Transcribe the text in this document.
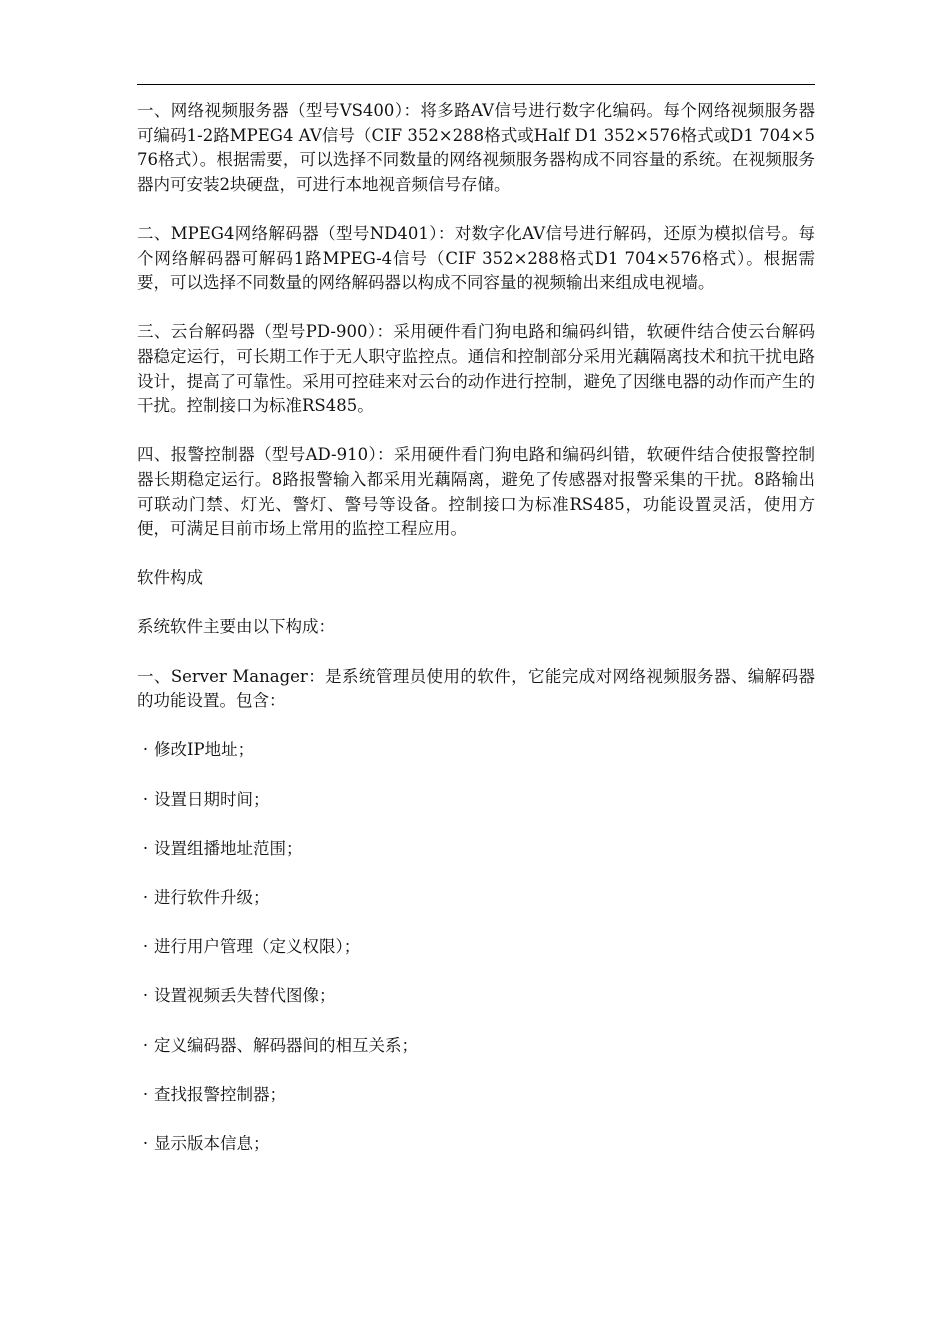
一、网络视频服务器（型号VS400）：将多路AV信号进行数字化编码。每个网络视频服务器可编码1-2路MPEG4 AV信号（CIF 352×288格式或Half D1 352×576格式或D1 704×576格式）。根据需要，可以选择不同数量的网络视频服务器构成不同容量的系统。在视频服务器内可安装2块硬盘，可进行本地视音频信号存储。

二、MPEG4网络解码器（型号ND401）：对数字化AV信号进行解码，还原为模拟信号。每个网络解码器可解码1路MPEG-4信号（CIF 352×288格式D1 704×576格式）。根据需要，可以选择不同数量的网络解码器以构成不同容量的视频输出来组成电视墙。

三、云台解码器（型号PD-900）：采用硬件看门狗电路和编码纠错，软硬件结合使云台解码器稳定运行，可长期工作于无人职守监控点。通信和控制部分采用光藕隔离技术和抗干扰电路设计，提高了可靠性。采用可控硅来对云台的动作进行控制，避免了因继电器的动作而产生的干扰。控制接口为标准RS485。

四、报警控制器（型号AD-910）：采用硬件看门狗电路和编码纠错，软硬件结合使报警控制器长期稳定运行。8路报警输入都采用光藕隔离，避免了传感器对报警采集的干扰。8路输出可联动门禁、灯光、警灯、警号等设备。控制接口为标准RS485，功能设置灵活，使用方便，可满足目前市场上常用的监控工程应用。

软件构成

系统软件主要由以下构成：

一、Server Manager：是系统管理员使用的软件，它能完成对网络视频服务器、编解码器的功能设置。包含：

· 修改IP地址；

· 设置日期时间；

· 设置组播地址范围；

· 进行软件升级；

· 进行用户管理（定义权限）；

· 设置视频丢失替代图像；

· 定义编码器、解码器间的相互关系；

· 查找报警控制器；

· 显示版本信息；
